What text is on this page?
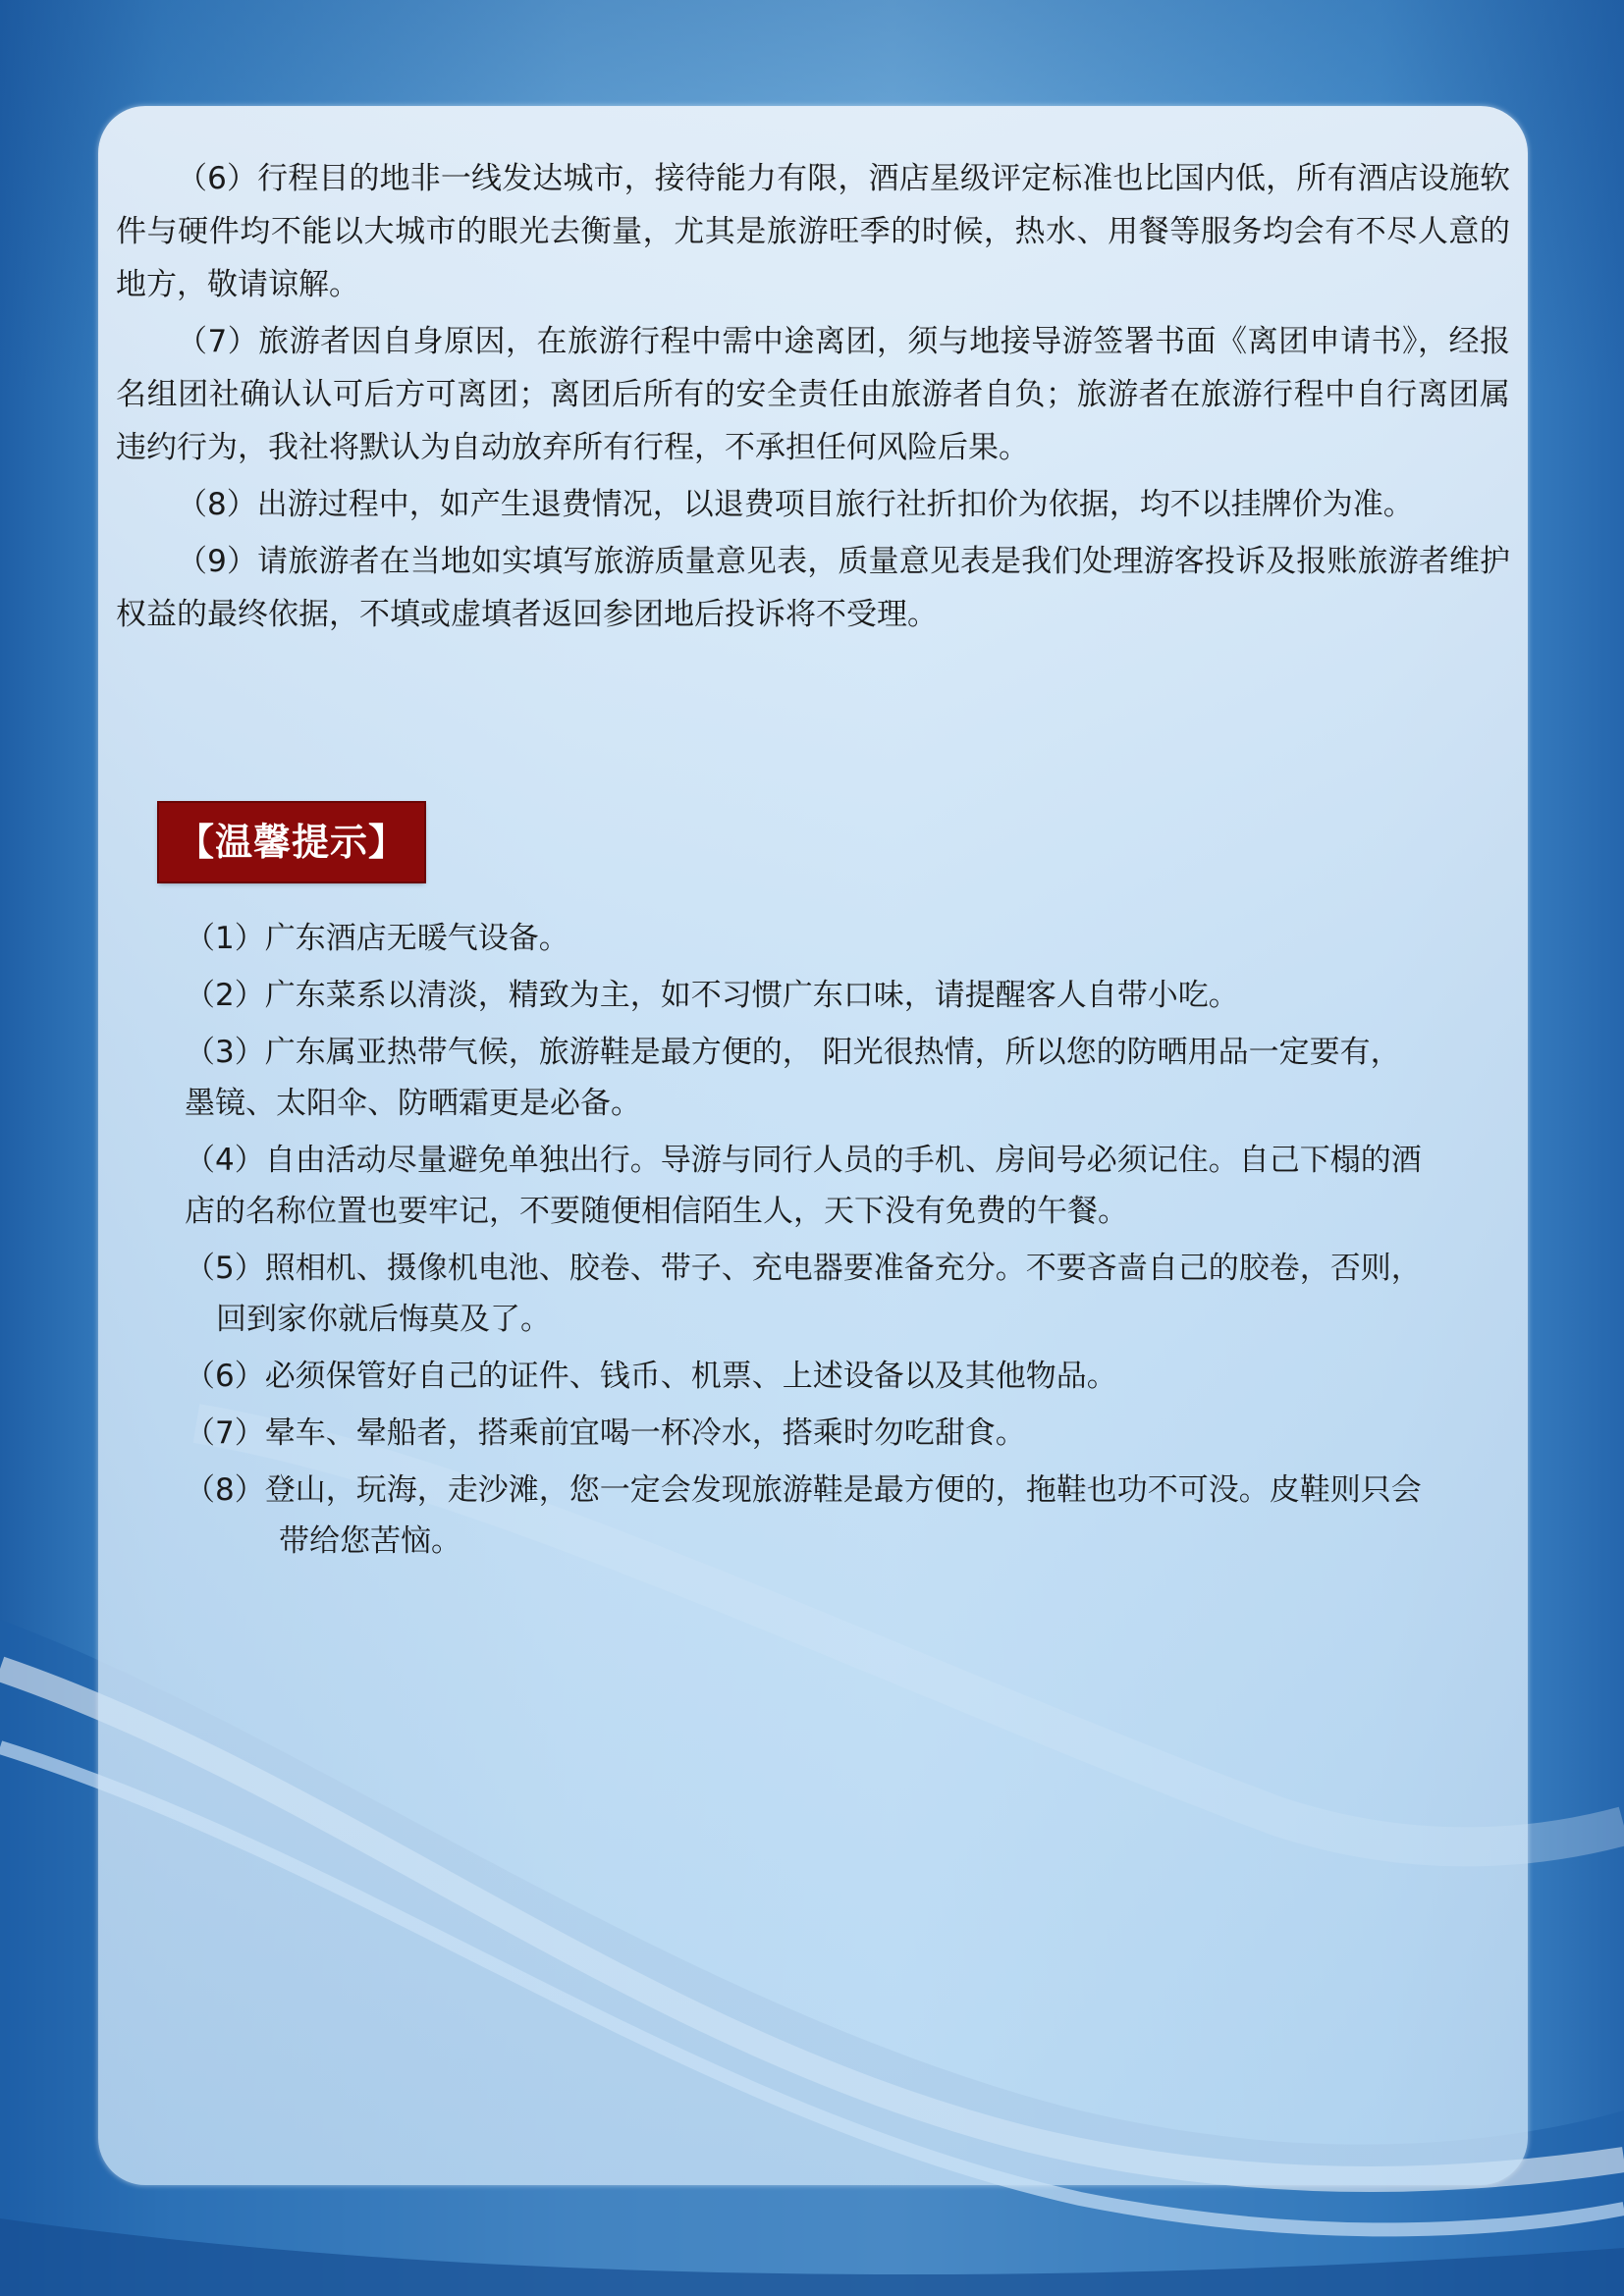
（6）行程目的地非一线发达城市，接待能力有限，酒店星级评定标准也比国内低，所有酒店设施软件与硬件均不能以大城市的眼光去衡量，尤其是旅游旺季的时候，热水、用餐等服务均会有不尽人意的地方，敬请谅解。

（7）旅游者因自身原因，在旅游行程中需中途离团，须与地接导游签署书面《离团申请书》，经报名组团社确认认可后方可离团；离团后所有的安全责任由旅游者自负；旅游者在旅游行程中自行离团属违约行为，我社将默认为自动放弃所有行程，不承担任何风险后果。

（8）出游过程中，如产生退费情况，以退费项目旅行社折扣价为依据，均不以挂牌价为准。

（9）请旅游者在当地如实填写旅游质量意见表，质量意见表是我们处理游客投诉及报账旅游者维护权益的最终依据，不填或虚填者返回参团地后投诉将不受理。

【温馨提示】
（1）广东酒店无暖气设备。
（2）广东菜系以清淡，精致为主，如不习惯广东口味，请提醒客人自带小吃。
（3）广东属亚热带气候，旅游鞋是最方便的， 阳光很热情，所以您的防晒用品一定要有，
墨镜、太阳伞、防晒霜更是必备。
（4）自由活动尽量避免单独出行。导游与同行人员的手机、房间号必须记住。自己下榻的酒
店的名称位置也要牢记，不要随便相信陌生人，天下没有免费的午餐。
（5）照相机、摄像机电池、胶卷、带子、充电器要准备充分。不要吝啬自己的胶卷，否则，
回到家你就后悔莫及了。
（6）必须保管好自己的证件、钱币、机票、上述设备以及其他物品。
（7）晕车、晕船者，搭乘前宜喝一杯冷水，搭乘时勿吃甜食。
（8）登山，玩海，走沙滩，您一定会发现旅游鞋是最方便的，拖鞋也功不可没。皮鞋则只会
带给您苦恼。
